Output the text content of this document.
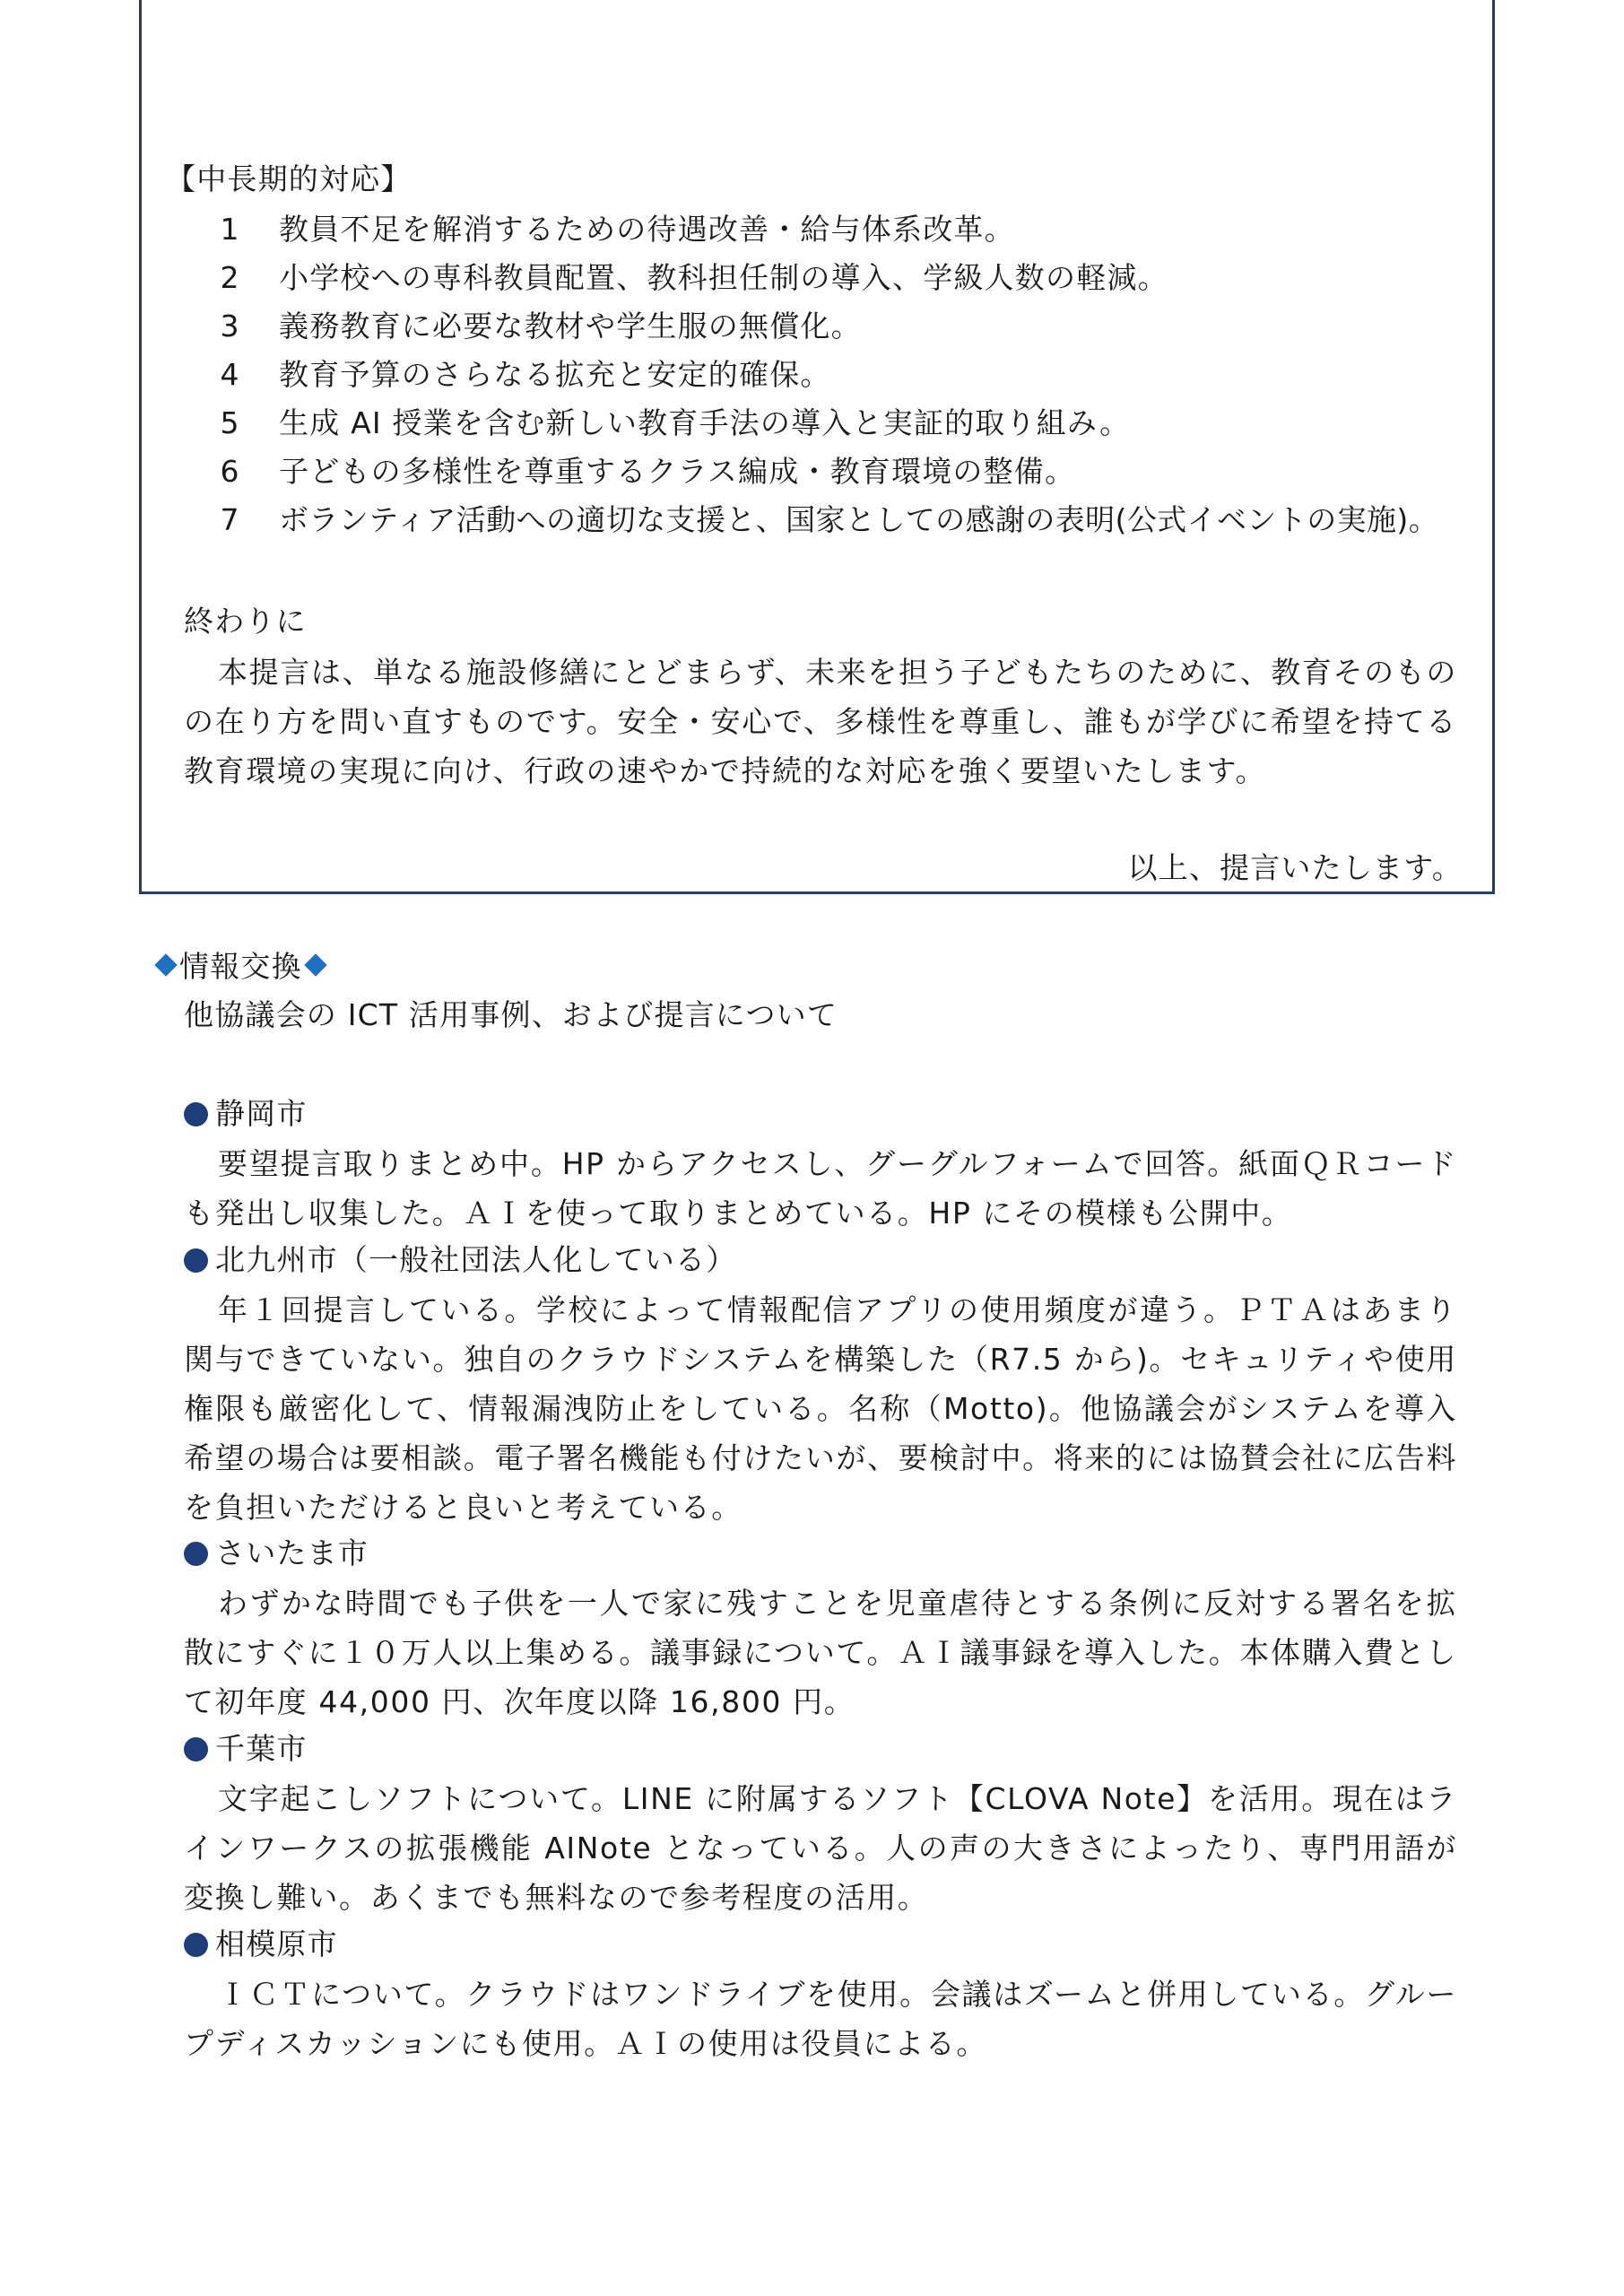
【中長期的対応】
1 教員不足を解消するための待遇改善・給与体系改革。
2 小学校への専科教員配置、教科担任制の導入、学級人数の軽減。
3 義務教育に必要な教材や学生服の無償化。
4 教育予算のさらなる拡充と安定的確保。
5 生成 AI 授業を含む新しい教育手法の導入と実証的取り組み。
6 子どもの多様性を尊重するクラス編成・教育環境の整備。
7 ボランティア活動への適切な支援と、国家としての感謝の表明(公式イベントの実施)。
終わりに

本提言は、単なる施設修繕にとどまらず、未来を担う子どもたちのために、教育そのものの在り方を問い直すものです。安全・安心で、多様性を尊重し、誰もが学びに希望を持てる教育環境の実現に向け、行政の速やかで持続的な対応を強く要望いたします。

以上、提言いたします。
情報交換
他協議会の ICT 活用事例、および提言について
静岡市

要望提言取りまとめ中。HP からアクセスし、グーグルフォームで回答。紙面ＱＲコードも発出し収集した。ＡＩを使って取りまとめている。HP にその模様も公開中。

北九州市（一般社団法人化している）

年１回提言している。学校によって情報配信アプリの使用頻度が違う。ＰＴＡはあまり関与できていない。独自のクラウドシステムを構築した（R7.5 から)。セキュリティや使用権限も厳密化して、情報漏洩防止をしている。名称（Motto)。他協議会がシステムを導入希望の場合は要相談。電子署名機能も付けたいが、要検討中。将来的には協賛会社に広告料を負担いただけると良いと考えている。

さいたま市

わずかな時間でも子供を一人で家に残すことを児童虐待とする条例に反対する署名を拡散にすぐに１０万人以上集める。議事録について。ＡＩ議事録を導入した。本体購入費として初年度 44,000 円、次年度以降 16,800 円。

千葉市

文字起こしソフトについて。LINE に附属するソフト【CLOVA Note】を活用。現在はラインワークスの拡張機能 AINote となっている。人の声の大きさによったり、専門用語が変換し難い。あくまでも無料なので参考程度の活用。

相模原市

ＩＣＴについて。クラウドはワンドライブを使用。会議はズームと併用している。グループディスカッションにも使用。ＡＩの使用は役員による。
